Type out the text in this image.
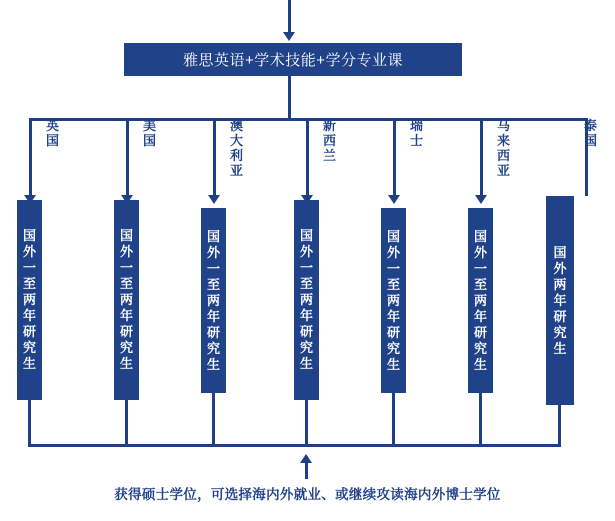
雅思英语+学术技能+学分专业课
英国
美国
澳大利亚
新西兰
瑞士
马来西亚
泰国
国外一至两年研究生
国外一至两年研究生
国外一至两年研究生
国外一至两年研究生
国外一至两年研究生
国外一至两年研究生
国外两年研究生
获得硕士学位，可选择海内外就业、或继续攻读海内外博士学位
